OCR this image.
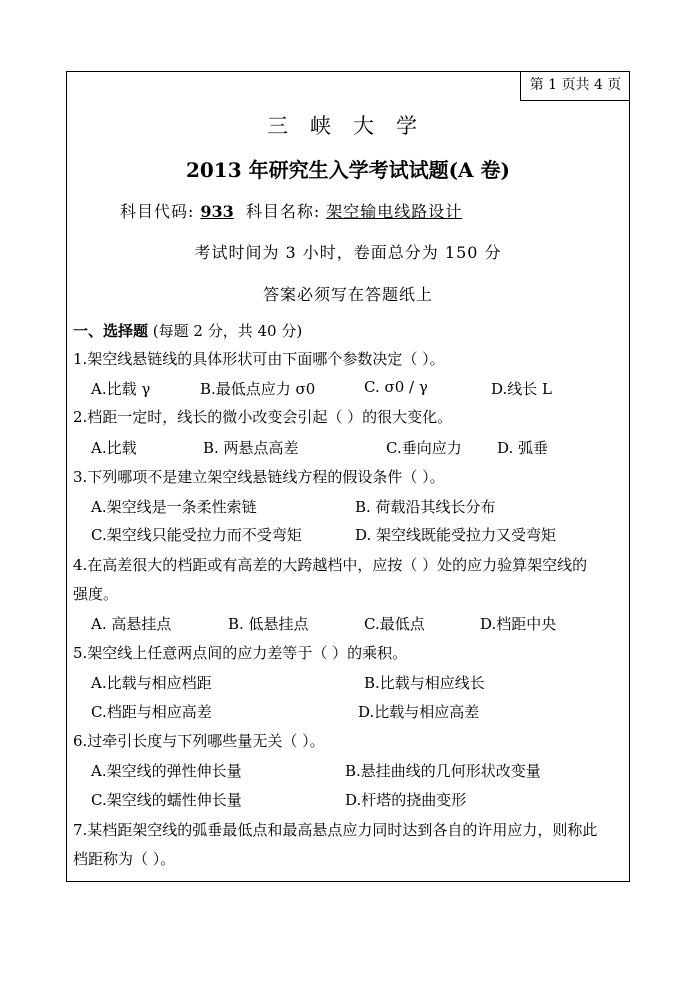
第 1 页共 4 页
三峡大学
2013 年研究生入学考试试题(A 卷)
科目代码: 933 科目名称: 架空输电线路设计
考试时间为 3 小时，卷面总分为 150 分
答案必须写在答题纸上
一、选择题 (每题 2 分，共 40 分)
1.架空线悬链线的具体形状可由下面哪个参数决定（ ）。
A.比载 γ	B.最低点应力 σ0	C. σ0 / γ	D.线长 L
2.档距一定时，线长的微小改变会引起（ ）的很大变化。
A.比载	B. 两悬点高差	C.垂向应力 D. 弧垂
3.下列哪项不是建立架空线悬链线方程的假设条件（ ）。
A.架空线是一条柔性索链	B. 荷载沿其线长分布
C.架空线只能受拉力而不受弯矩	D. 架空线既能受拉力又受弯矩
4.在高差很大的档距或有高差的大跨越档中，应按（ ）处的应力验算架空线的
强度。
A. 高悬挂点	B. 低悬挂点	C.最低点	D.档距中央
5.架空线上任意两点间的应力差等于（ ）的乘积。
A.比载与相应档距	B.比载与相应线长
C.档距与相应高差	D.比载与相应高差
6.过牵引长度与下列哪些量无关（ ）。
A.架空线的弹性伸长量	B.悬挂曲线的几何形状改变量
C.架空线的蠕性伸长量	D.杆塔的挠曲变形
7.某档距架空线的弧垂最低点和最高悬点应力同时达到各自的许用应力，则称此
档距称为（ ）。
